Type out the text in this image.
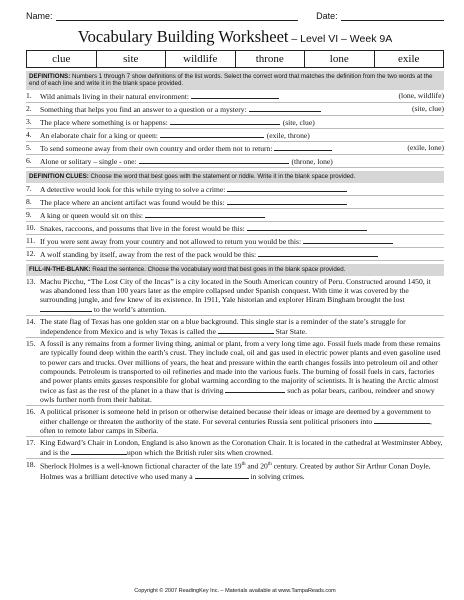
Name:	Date:
Vocabulary Building Worksheet – Level VI – Week 9A
clue	site	wildlife	throne	lone	exile
DEFINITIONS: Numbers 1 through 7 show definitions of the list words. Select the correct word that matches the definition from the two words at the end of each line and write it in the blank space provided.
1.	Wild animals living in their natural environment:	(lone, wildlife)
2.	Something that helps you find an answer to a question or a mystery:	(site, clue)
3.	The place where something is or happens:	(site, clue)
4.	An elaborate chair for a king or queen:	(exile, throne)
5.	To send someone away from their own country and order them not to return:	(exile, lone)
6.	Alone or solitary – single - one:	(throne, lone)
DEFINITION CLUES: Choose the word that best goes with the statement or riddle. Write it in the blank space provided.
7.	A detective would look for this while trying to solve a crime:
8.	The place where an ancient artifact was found would be this:
9.	A king or queen would sit on this:
10. Snakes, raccoons, and possums that live in the forest would be this:
11. If you were sent away from your country and not allowed to return you would be this:
12. A wolf standing by itself, away from the rest of the pack would be this:
FILL-IN-THE-BLANK: Read the sentence. Choose the vocabulary word that best goes in the blank space provided.
13. Machu Picchu, “The Lost City of the Incas” is a city located in the South American country of Peru. Constructed around 1450, it was abandoned less than 100 years later as the empire collapsed under Spanish conquest. With time it was covered by the surrounding jungle, and few knew of its existence. In 1911, Yale historian and explorer Hiram Bingham brought the lost  to the world’s attention.
14. The state flag of Texas has one golden star on a blue background. This single star is a reminder of the state’s struggle for independence from Mexico and is why Texas is called the	Star State.
15. A fossil is any remains from a former living thing, animal or plant, from a very long time ago. Fossil fuels made from these remains are typically found deep within the earth’s crust. They include coal, oil and gas used in electric power plants and even gasoline used to power cars and trucks. Over millions of years, the heat and pressure within the earth changes fossils into petroleum oil and other compounds. Petroleum is transported to oil refineries and made into the various fuels. The burning of fossil fuels in cars, factories and power plants emits gasses responsible for global warming according to the majority of scientists. It is heating the Arctic almost twice as fast as the rest of the planet in a thaw that is driving	such as polar bears, caribou, reindeer and snowy owls further north from their habitat.
16. A political prisoner is someone held in prison or otherwise detained because their ideas or image are deemed by a government to either challenge or threaten the authority of the state. For several centuries Russia sent political prisoners into	, often to remote labor camps in Siberia.
17. King Edward’s Chair in London, England is also known as the Coronation Chair. It is located in the cathedral at Westminster Abbey, and is the	upon which the British ruler sits when crowned.
18. Sherlock Holmes is a well-known fictional character of the late 19th and 20th century. Created by author Sir Arthur Conan Doyle, Holmes was a brilliant detective who used many a	in solving crimes.
Copyright © 2007 ReadingKey Inc. – Materials available at www.TampaReads.com
